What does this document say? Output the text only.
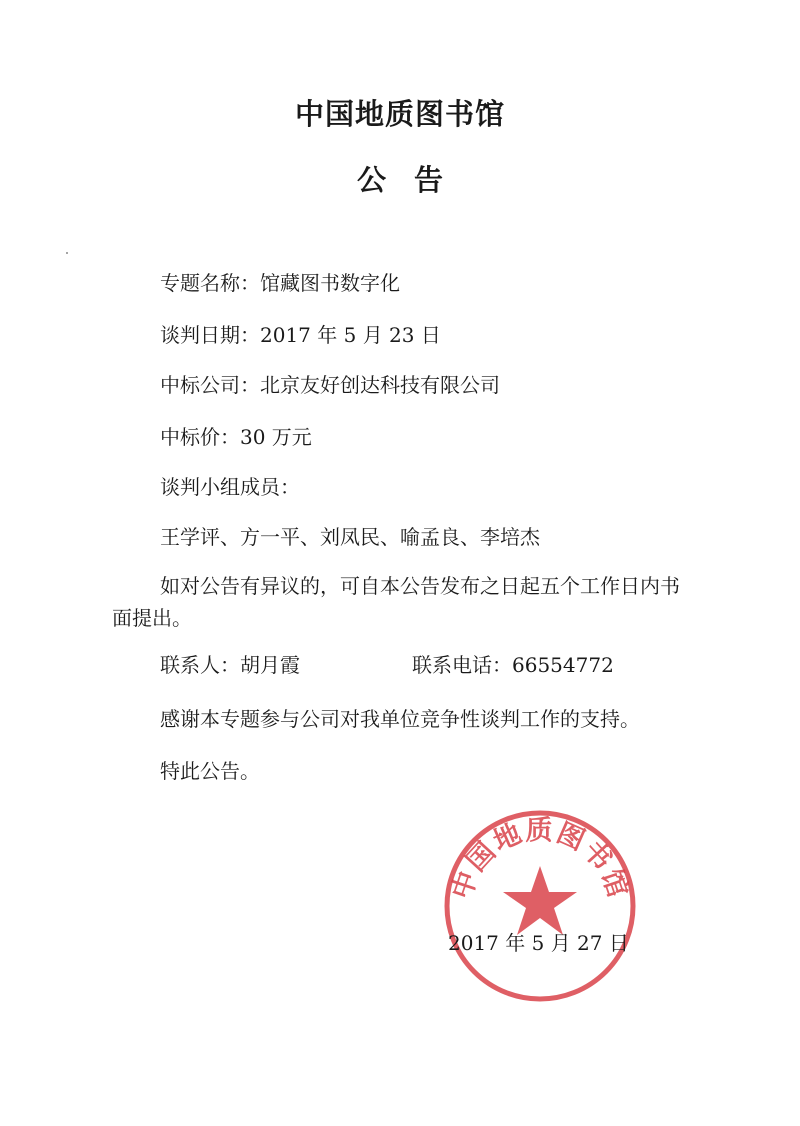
中国地质图书馆
公告
专题名称：馆藏图书数字化
谈判日期：2017 年 5 月 23 日
中标公司：北京友好创达科技有限公司
中标价：30 万元
谈判小组成员：
王学评、方一平、刘凤民、喻孟良、李培杰
如对公告有异议的，可自本公告发布之日起五个工作日内书面提出。
联系人：胡月霞	联系电话：66554772
感谢本专题参与公司对我单位竞争性谈判工作的支持。
特此公告。
中国地质图书馆
2017 年 5 月 27 日
